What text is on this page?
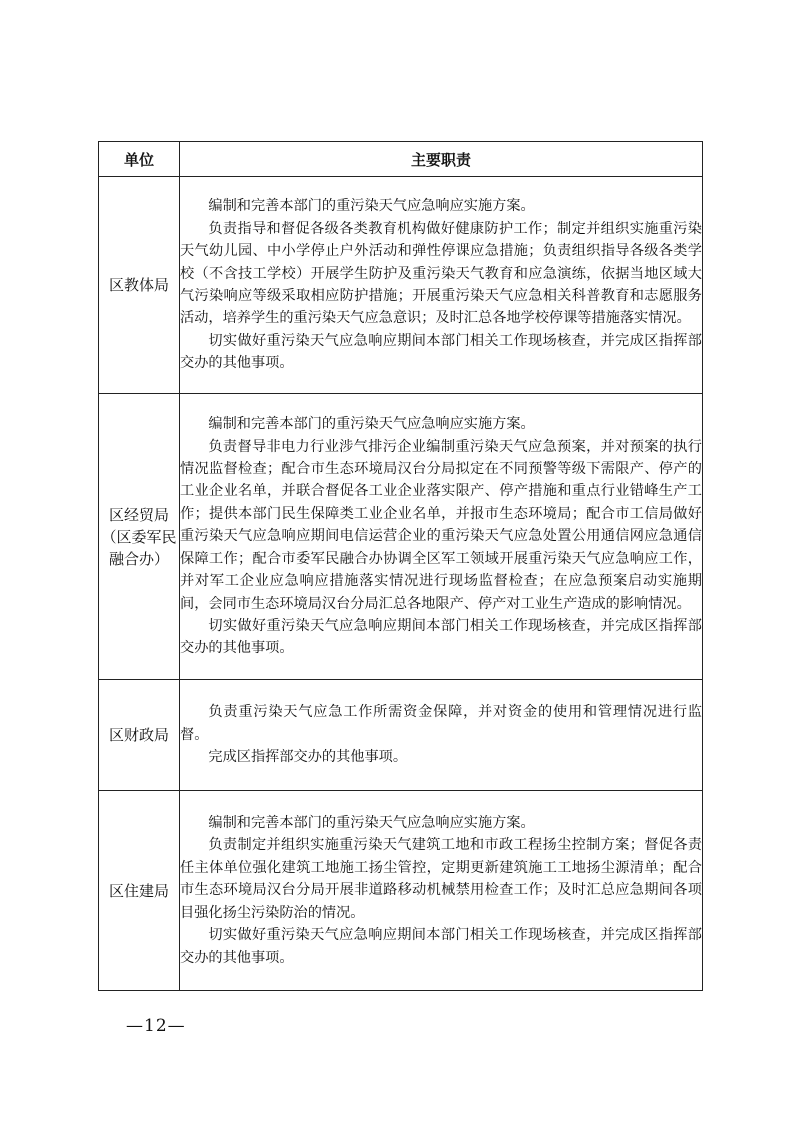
单位	主要职责
区教体局	编制和完善本部门的重污染天气应急响应实施方案。

负责指导和督促各级各类教育机构做好健康防护工作；制定并组织实施重污染天气幼儿园、中小学停止户外活动和弹性停课应急措施；负责组织指导各级各类学校（不含技工学校）开展学生防护及重污染天气教育和应急演练，依据当地区域大气污染响应等级采取相应防护措施；开展重污染天气应急相关科普教育和志愿服务活动，培养学生的重污染天气应急意识；及时汇总各地学校停课等措施落实情况。

切实做好重污染天气应急响应期间本部门相关工作现场核查，并完成区指挥部交办的其他事项。

区经贸局（区委军民融合办）	编制和完善本部门的重污染天气应急响应实施方案。

负责督导非电力行业涉气排污企业编制重污染天气应急预案，并对预案的执行情况监督检查；配合市生态环境局汉台分局拟定在不同预警等级下需限产、停产的工业企业名单，并联合督促各工业企业落实限产、停产措施和重点行业错峰生产工作；提供本部门民生保障类工业企业名单，并报市生态环境局；配合市工信局做好重污染天气应急响应期间电信运营企业的重污染天气应急处置公用通信网应急通信保障工作；配合市委军民融合办协调全区军工领域开展重污染天气应急响应工作，并对军工企业应急响应措施落实情况进行现场监督检查；在应急预案启动实施期间，会同市生态环境局汉台分局汇总各地限产、停产对工业生产造成的影响情况。

切实做好重污染天气应急响应期间本部门相关工作现场核查，并完成区指挥部交办的其他事项。

区财政局	负责重污染天气应急工作所需资金保障，并对资金的使用和管理情况进行监督。

完成区指挥部交办的其他事项。

区住建局	编制和完善本部门的重污染天气应急响应实施方案。

负责制定并组织实施重污染天气建筑工地和市政工程扬尘控制方案；督促各责任主体单位强化建筑工地施工扬尘管控，定期更新建筑施工工地扬尘源清单；配合市生态环境局汉台分局开展非道路移动机械禁用检查工作；及时汇总应急期间各项目强化扬尘污染防治的情况。

切实做好重污染天气应急响应期间本部门相关工作现场核查，并完成区指挥部交办的其他事项。

—12—
